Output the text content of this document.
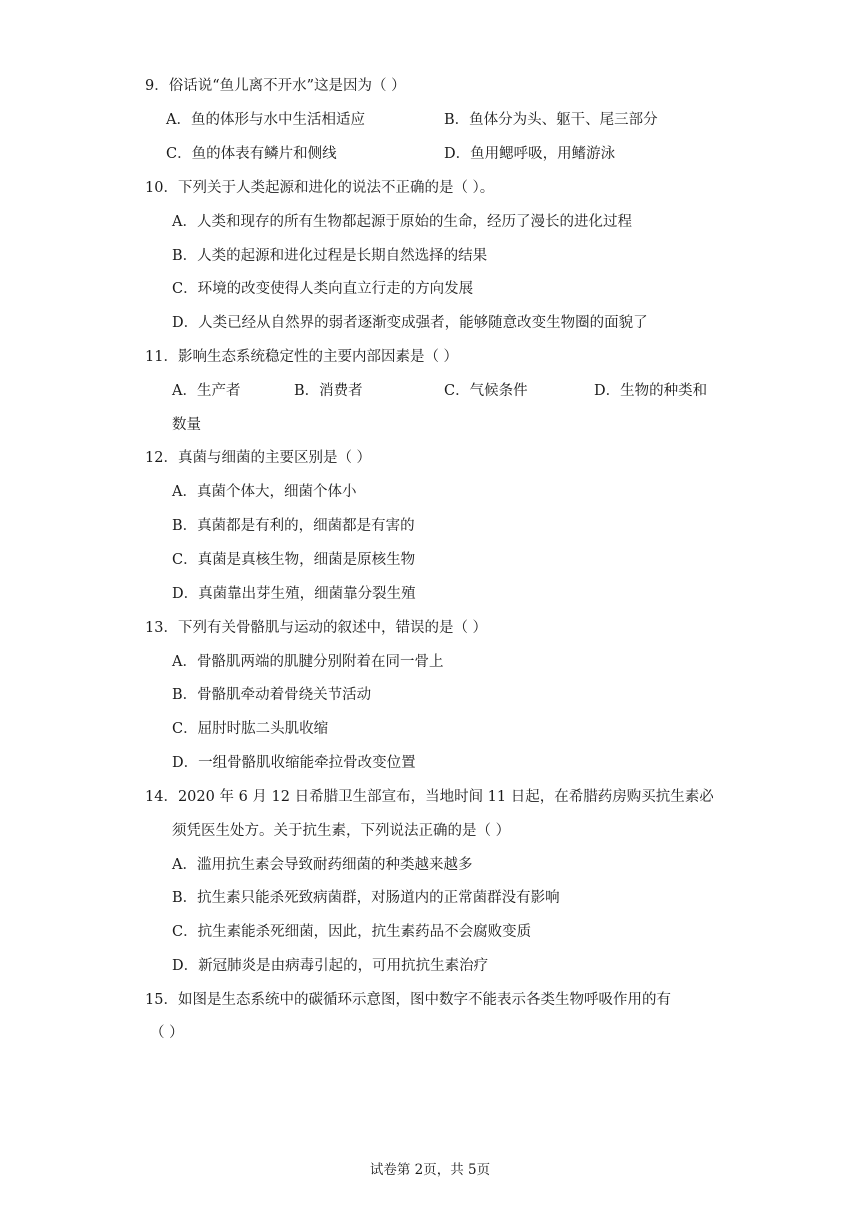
9．俗话说“鱼儿离不开水”这是因为（ ）
A．鱼的体形与水中生活相适应	B．鱼体分为头、躯干、尾三部分
C．鱼的体表有鳞片和侧线	D．鱼用鳃呼吸，用鳍游泳
10．下列关于人类起源和进化的说法不正确的是（ ）。
A．人类和现存的所有生物都起源于原始的生命，经历了漫长的进化过程
B．人类的起源和进化过程是长期自然选择的结果
C．环境的改变使得人类向直立行走的方向发展
D．人类已经从自然界的弱者逐渐变成强者，能够随意改变生物圈的面貌了
11．影响生态系统稳定性的主要内部因素是（ ）
A．生产者	B．消费者	C．气候条件	D．生物的种类和
数量
12．真菌与细菌的主要区别是（ ）
A．真菌个体大，细菌个体小
B．真菌都是有利的，细菌都是有害的
C．真菌是真核生物，细菌是原核生物
D．真菌靠出芽生殖，细菌靠分裂生殖
13．下列有关骨骼肌与运动的叙述中，错误的是（ ）
A．骨骼肌两端的肌腱分别附着在同一骨上
B．骨骼肌牵动着骨绕关节活动
C．屈肘时肱二头肌收缩
D．一组骨骼肌收缩能牵拉骨改变位置
14．2020 年 6 月 12 日希腊卫生部宣布，当地时间 11 日起，在希腊药房购买抗生素必
须凭医生处方。关于抗生素，下列说法正确的是（ ）
A．滥用抗生素会导致耐药细菌的种类越来越多
B．抗生素只能杀死致病菌群，对肠道内的正常菌群没有影响
C．抗生素能杀死细菌，因此，抗生素药品不会腐败变质
D．新冠肺炎是由病毒引起的，可用抗抗生素治疗
15．如图是生态系统中的碳循环示意图，图中数字不能表示各类生物呼吸作用的有
（ ）
试卷第 2页，共 5页
